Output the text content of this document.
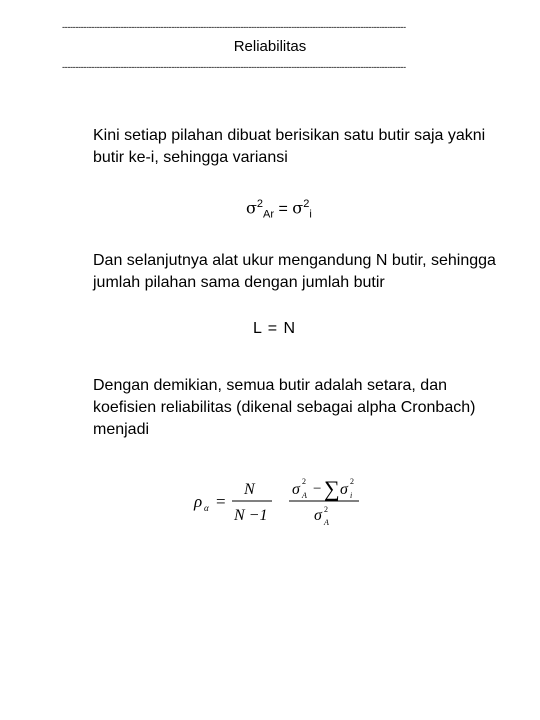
---------------------------------------------------------------------------------------------------------------------------------
Reliabilitas
---------------------------------------------------------------------------------------------------------------------------------
Kini setiap pilahan dibuat berisikan satu butir saja yakni butir ke-i, sehingga variansi
$\sigma^2_{Ar} = \sigma^2_i$
Dan selanjutnya alat ukur mengandung N butir, sehingga jumlah pilahan sama dengan jumlah butir
L = N
Dengan demikian, semua butir adalah setara, dan koefisien reliabilitas (dikenal sebagai alpha Cronbach) menjadi
ρ α =
N
N −1
σ 2
A − ∑ σ 2
i
σ 2
A
